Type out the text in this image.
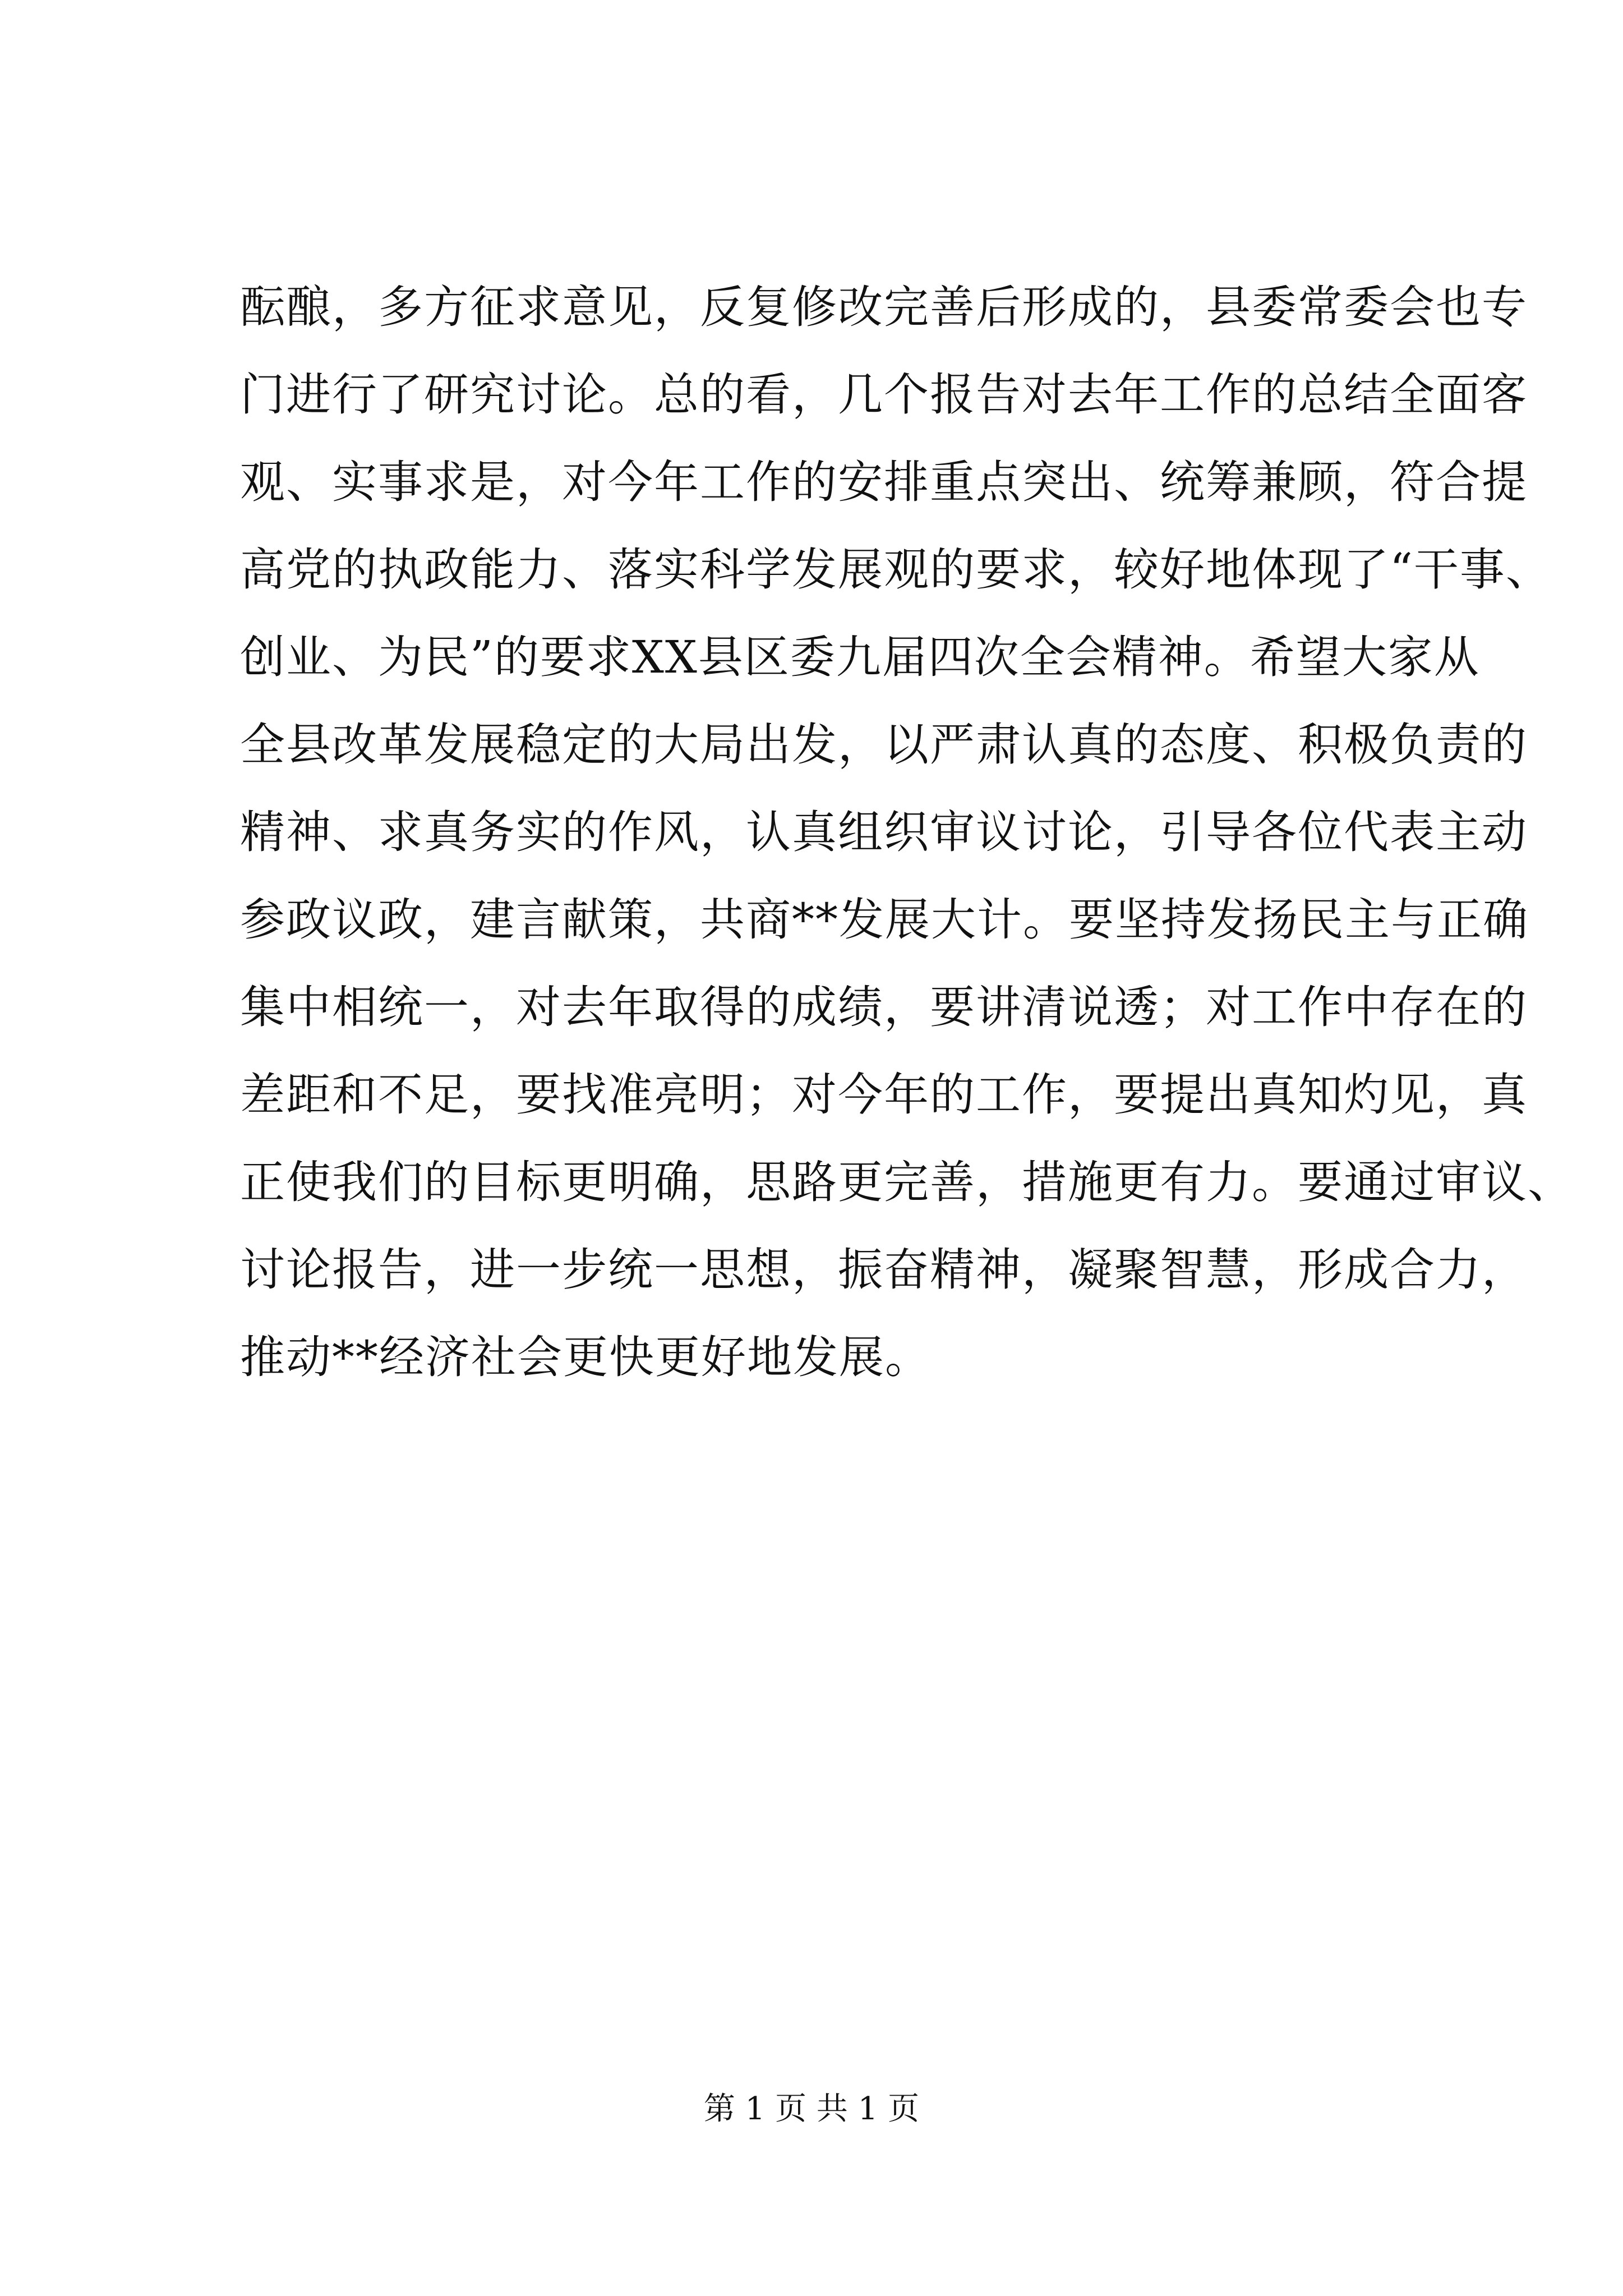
酝酿，多方征求意见，反复修改完善后形成的，县委常委会也专
门进行了研究讨论。总的看，几个报告对去年工作的总结全面客
观、实事求是，对今年工作的安排重点突出、统筹兼顾，符合提
高党的执政能力、落实科学发展观的要求，较好地体现了“干事、
创业、为民”的要求XX县区委九届四次全会精神。希望大家从
全县改革发展稳定的大局出发，以严肃认真的态度、积极负责的
精神、求真务实的作风，认真组织审议讨论，引导各位代表主动
参政议政，建言献策，共商**发展大计。要坚持发扬民主与正确
集中相统一，对去年取得的成绩，要讲清说透；对工作中存在的
差距和不足，要找准亮明；对今年的工作，要提出真知灼见，真
正使我们的目标更明确，思路更完善，措施更有力。要通过审议、
讨论报告，进一步统一思想，振奋精神，凝聚智慧，形成合力，
推动**经济社会更快更好地发展。
第 1 页 共 1 页
